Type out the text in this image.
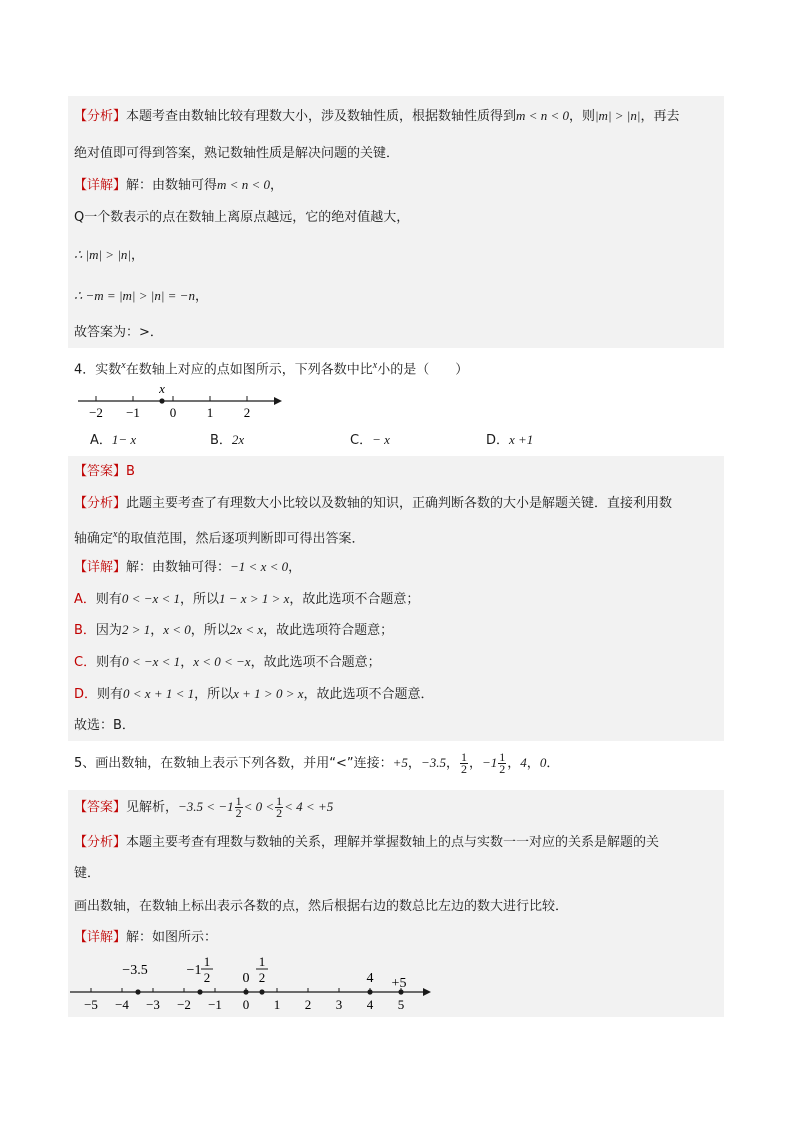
【分析】本题考查由数轴比较有理数大小，涉及数轴性质，根据数轴性质得到m < n < 0，则|m| > |n|，再去
绝对值即可得到答案，熟记数轴性质是解决问题的关键．
【详解】解：由数轴可得m < n < 0，
Q一个数表示的点在数轴上离原点越远，它的绝对值越大，
∴ |m| > |n|，
∴ −m = |m| > |n| = −n，
故答案为：>．
4．实数$^x$在数轴上对应的点如图所示，下列各数中比$^x$小的是（　　）
−2 −1 0 1 2
x
A．1− x	B．2x	C．− x	D．x +1
【答案】B
【分析】此题主要考查了有理数大小比较以及数轴的知识，正确判断各数的大小是解题关键．直接利用数
轴确定$^x$的取值范围，然后逐项判断即可得出答案．
【详解】解：由数轴可得：−1 < x < 0，
A．则有0 < −x < 1，所以1 − x > 1 > x，故此选项不合题意；
B．因为2 > 1，x < 0，所以2x < x，故此选项符合题意；
C．则有0 < −x < 1，x < 0 < −x，故此选项不合题意；
D．则有0 < x + 1 < 1，所以x + 1 > 0 > x，故此选项不合题意．
故选：B．
5、画出数轴，在数轴上表示下列各数，并用“<”连接：+5，−3.5， $\frac{1}{2}$ ，$-1 \frac{1}{2}$ ，4，0．
【答案】见解析，$-3.5 < -1 \frac{1}{2} < 0 < \frac{1}{2} < 4 < +5$
【分析】本题主要考查有理数与数轴的关系，理解并掌握数轴上的点与实数一一对应的关系是解题的关
键．
画出数轴，在数轴上标出表示各数的点，然后根据右边的数总比左边的数大进行比较．
【详解】解：如图所示：
−5 −4 −3 −2 −1 0 1 2 3 4 5
−3.5	−1
1
2 0
1
2	4 +5
